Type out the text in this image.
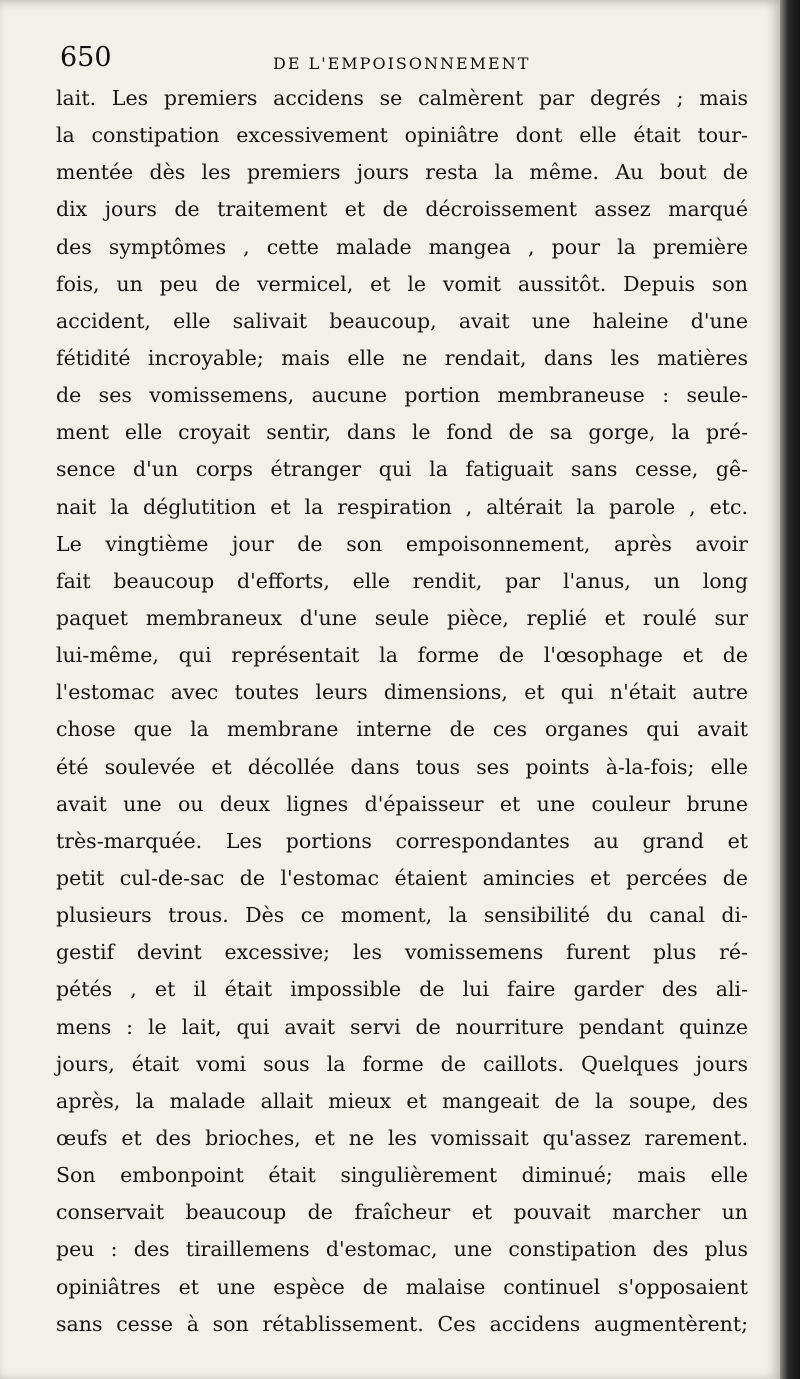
650	DE L'EMPOISONNEMENT
lait. Les premiers accidens se calmèrent par degrés ; mais
la constipation excessivement opiniâtre dont elle était tour-
mentée dès les premiers jours resta la même. Au bout de
dix jours de traitement et de décroissement assez marqué
des symptômes , cette malade mangea , pour la première
fois, un peu de vermicel, et le vomit aussitôt. Depuis son
accident, elle salivait beaucoup, avait une haleine d'une
fétidité incroyable; mais elle ne rendait, dans les matières
de ses vomissemens, aucune portion membraneuse : seule-
ment elle croyait sentir, dans le fond de sa gorge, la pré-
sence d'un corps étranger qui la fatiguait sans cesse, gê-
nait la déglutition et la respiration , altérait la parole , etc.
Le vingtième jour de son empoisonnement, après avoir
fait beaucoup d'efforts, elle rendit, par l'anus, un long
paquet membraneux d'une seule pièce, replié et roulé sur
lui-même, qui représentait la forme de l'œsophage et de
l'estomac avec toutes leurs dimensions, et qui n'était autre
chose que la membrane interne de ces organes qui avait
été soulevée et décollée dans tous ses points à-la-fois; elle
avait une ou deux lignes d'épaisseur et une couleur brune
très-marquée. Les portions correspondantes au grand et
petit cul-de-sac de l'estomac étaient amincies et percées de
plusieurs trous. Dès ce moment, la sensibilité du canal di-
gestif devint excessive; les vomissemens furent plus ré-
pétés , et il était impossible de lui faire garder des ali-
mens : le lait, qui avait servi de nourriture pendant quinze
jours, était vomi sous la forme de caillots. Quelques jours
après, la malade allait mieux et mangeait de la soupe, des
œufs et des brioches, et ne les vomissait qu'assez rarement.
Son embonpoint était singulièrement diminué; mais elle
conservait beaucoup de fraîcheur et pouvait marcher un
peu : des tiraillemens d'estomac, une constipation des plus
opiniâtres et une espèce de malaise continuel s'opposaient
sans cesse à son rétablissement. Ces accidens augmentèrent;
